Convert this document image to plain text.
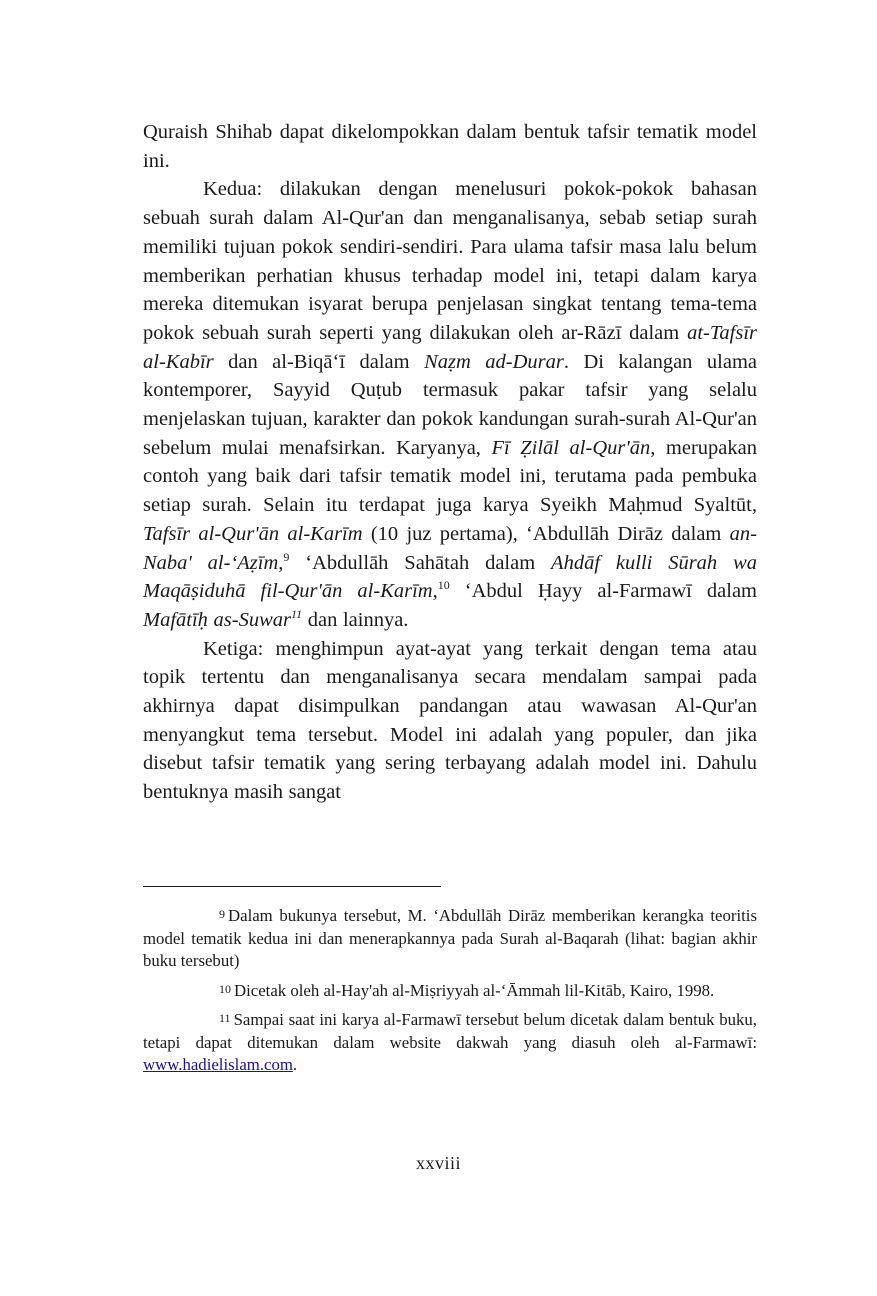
Quraish Shihab dapat dikelompokkan dalam bentuk tafsir tematik model ini.

Kedua: dilakukan dengan menelusuri pokok-pokok bahasan sebuah surah dalam Al-Qur'an dan menganalisanya, sebab setiap surah memiliki tujuan pokok sendiri-sendiri. Para ulama tafsir masa lalu belum memberikan perhatian khusus terhadap model ini, tetapi dalam karya mereka ditemukan isyarat berupa penjelasan singkat tentang tema-tema pokok sebuah surah seperti yang dilakukan oleh ar-Rāzī dalam at-Tafsīr al-Kabīr dan al-Biqā‘ī dalam Naẓm ad-Durar. Di kalangan ulama kontemporer, Sayyid Quṭub termasuk pakar tafsir yang selalu menjelaskan tujuan, karakter dan pokok kandungan surah-surah Al-Qur'an sebelum mulai menafsirkan. Karyanya, Fī Ẓilāl al-Qur'ān, merupakan contoh yang baik dari tafsir tematik model ini, terutama pada pembuka setiap surah. Selain itu terdapat juga karya Syeikh Maḥmud Syaltūt, Tafsīr al-Qur'ān al-Karīm (10 juz pertama), ‘Abdullāh Dirāz dalam an-Naba' al-‘Aẓīm,$^9$ ‘Abdullāh Sahātah dalam Ahdāf kulli Sūrah wa Maqāṣiduhā fil-Qur'ān al-Karīm,$^{10}$ ‘Abdul Ḥayy al-Farmawī dalam Mafātīḥ as-Suwar$^{11}$ dan lainnya.

Ketiga: menghimpun ayat-ayat yang terkait dengan tema atau topik tertentu dan menganalisanya secara mendalam sampai pada akhirnya dapat disimpulkan pandangan atau wawasan Al-Qur'an menyangkut tema tersebut. Model ini adalah yang populer, dan jika disebut tafsir tematik yang sering terbayang adalah model ini. Dahulu bentuknya masih sangat

9 Dalam bukunya tersebut, M. ‘Abdullāh Dirāz memberikan kerangka teoritis model tematik kedua ini dan menerapkannya pada Surah al-Baqarah (lihat: bagian akhir buku tersebut)

10 Dicetak oleh al-Hay'ah al-Miṣriyyah al-‘Āmmah lil-Kitāb, Kairo, 1998.

11 Sampai saat ini karya al-Farmawī tersebut belum dicetak dalam bentuk buku, tetapi dapat ditemukan dalam website dakwah yang diasuh oleh al-Farmawī: www.hadielislam.com.

xxviii
